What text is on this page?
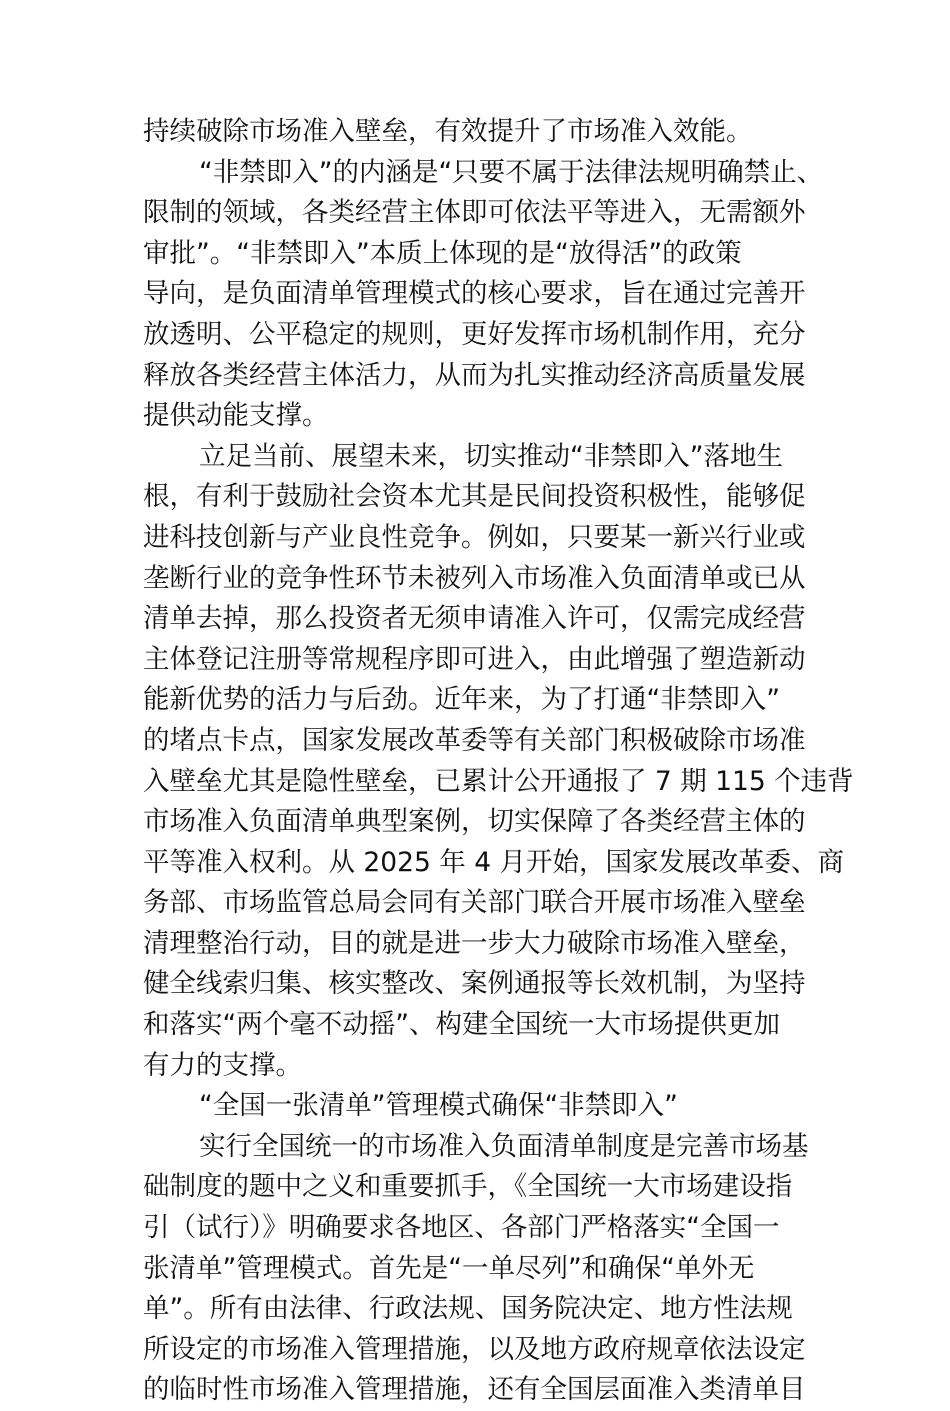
持续破除市场准入壁垒，有效提升了市场准入效能。
“非禁即入”的内涵是“只要不属于法律法规明确禁止、
限制的领域，各类经营主体即可依法平等进入，无需额外
审批”。“非禁即入”本质上体现的是“放得活”的政策
导向，是负面清单管理模式的核心要求，旨在通过完善开
放透明、公平稳定的规则，更好发挥市场机制作用，充分
释放各类经营主体活力，从而为扎实推动经济高质量发展
提供动能支撑。
立足当前、展望未来，切实推动“非禁即入”落地生
根，有利于鼓励社会资本尤其是民间投资积极性，能够促
进科技创新与产业良性竞争。例如，只要某一新兴行业或
垄断行业的竞争性环节未被列入市场准入负面清单或已从
清单去掉，那么投资者无须申请准入许可，仅需完成经营
主体登记注册等常规程序即可进入，由此增强了塑造新动
能新优势的活力与后劲。近年来，为了打通“非禁即入”
的堵点卡点，国家发展改革委等有关部门积极破除市场准
入壁垒尤其是隐性壁垒，已累计公开通报了 7 期 115 个违背
市场准入负面清单典型案例，切实保障了各类经营主体的
平等准入权利。从 2025 年 4 月开始，国家发展改革委、商
务部、市场监管总局会同有关部门联合开展市场准入壁垒
清理整治行动，目的就是进一步大力破除市场准入壁垒，
健全线索归集、核实整改、案例通报等长效机制，为坚持
和落实“两个毫不动摇”、构建全国统一大市场提供更加
有力的支撑。
“全国一张清单”管理模式确保“非禁即入”
实行全国统一的市场准入负面清单制度是完善市场基
础制度的题中之义和重要抓手，《全国统一大市场建设指
引（试行）》明确要求各地区、各部门严格落实“全国一
张清单”管理模式。首先是“一单尽列”和确保“单外无
单”。所有由法律、行政法规、国务院决定、地方性法规
所设定的市场准入管理措施，以及地方政府规章依法设定
的临时性市场准入管理措施，还有全国层面准入类清单目
